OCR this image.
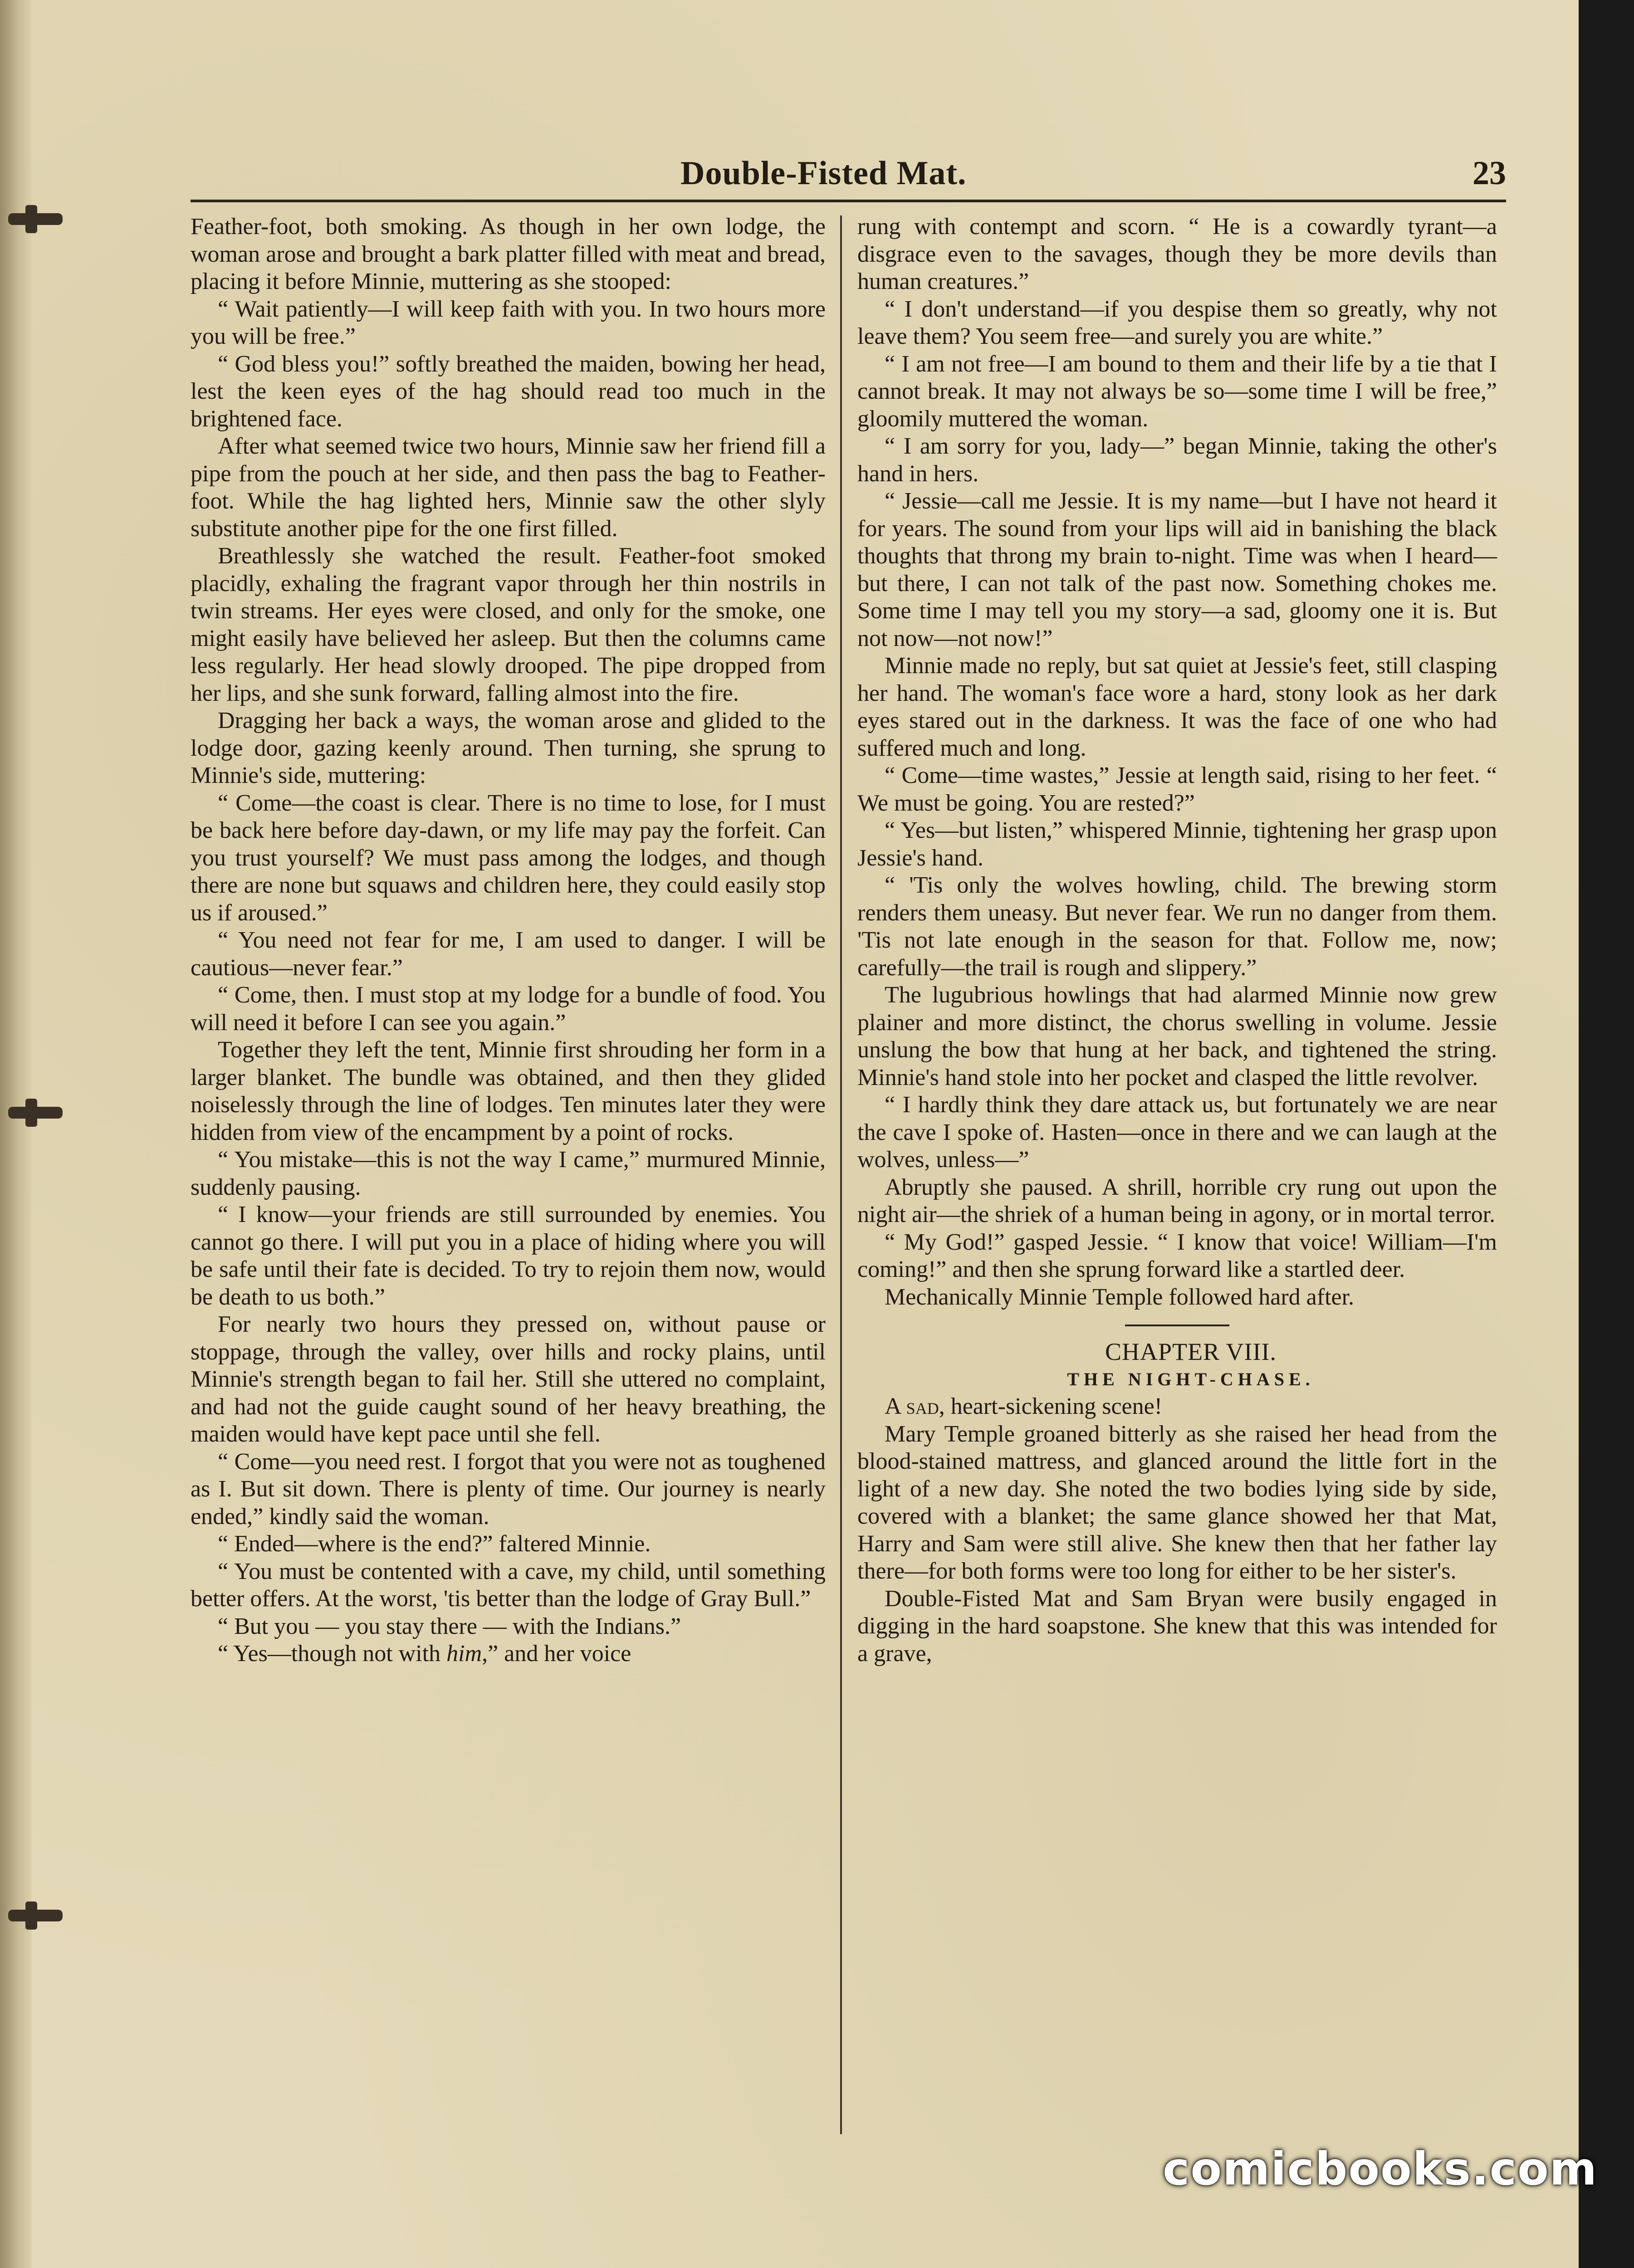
Double-Fisted Mat.	23

Feather-foot, both smoking. As though in her own lodge, the woman arose and brought a bark platter filled with meat and bread, placing it before Minnie, muttering as she stooped:

“ Wait patiently—I will keep faith with you. In two hours more you will be free.”

“ God bless you!” softly breathed the maiden, bowing her head, lest the keen eyes of the hag should read too much in the brightened face.

After what seemed twice two hours, Minnie saw her friend fill a pipe from the pouch at her side, and then pass the bag to Feather-foot. While the hag lighted hers, Minnie saw the other slyly substitute another pipe for the one first filled.

Breathlessly she watched the result. Feather-foot smoked placidly, exhaling the fragrant vapor through her thin nostrils in twin streams. Her eyes were closed, and only for the smoke, one might easily have believed her asleep. But then the columns came less regularly. Her head slowly drooped. The pipe dropped from her lips, and she sunk forward, falling almost into the fire.

Dragging her back a ways, the woman arose and glided to the lodge door, gazing keenly around. Then turning, she sprung to Minnie's side, muttering:

“ Come—the coast is clear. There is no time to lose, for I must be back here before day-dawn, or my life may pay the forfeit. Can you trust yourself? We must pass among the lodges, and though there are none but squaws and children here, they could easily stop us if aroused.”

“ You need not fear for me, I am used to danger. I will be cautious—never fear.”

“ Come, then. I must stop at my lodge for a bundle of food. You will need it before I can see you again.”

Together they left the tent, Minnie first shrouding her form in a larger blanket. The bundle was obtained, and then they glided noiselessly through the line of lodges. Ten minutes later they were hidden from view of the encampment by a point of rocks.

“ You mistake—this is not the way I came,” murmured Minnie, suddenly pausing.

“ I know—your friends are still surrounded by enemies. You cannot go there. I will put you in a place of hiding where you will be safe until their fate is decided. To try to rejoin them now, would be death to us both.”

For nearly two hours they pressed on, without pause or stoppage, through the valley, over hills and rocky plains, until Minnie's strength began to fail her. Still she uttered no complaint, and had not the guide caught sound of her heavy breathing, the maiden would have kept pace until she fell.

“ Come—you need rest. I forgot that you were not as toughened as I. But sit down. There is plenty of time. Our journey is nearly ended,” kindly said the woman.

“ Ended—where is the end?” faltered Minnie.

“ You must be contented with a cave, my child, until something better offers. At the worst, 'tis better than the lodge of Gray Bull.”

“ But you — you stay there — with the Indians.”

“ Yes—though not with him,” and her voice

rung with contempt and scorn. “ He is a cowardly tyrant—a disgrace even to the savages, though they be more devils than human creatures.”

“ I don't understand—if you despise them so greatly, why not leave them? You seem free—and surely you are white.”

“ I am not free—I am bound to them and their life by a tie that I cannot break. It may not always be so—some time I will be free,” gloomily muttered the woman.

“ I am sorry for you, lady—” began Minnie, taking the other's hand in hers.

“ Jessie—call me Jessie. It is my name—but I have not heard it for years. The sound from your lips will aid in banishing the black thoughts that throng my brain to-night. Time was when I heard—but there, I can not talk of the past now. Something chokes me. Some time I may tell you my story—a sad, gloomy one it is. But not now—not now!”

Minnie made no reply, but sat quiet at Jessie's feet, still clasping her hand. The woman's face wore a hard, stony look as her dark eyes stared out in the darkness. It was the face of one who had suffered much and long.

“ Come—time wastes,” Jessie at length said, rising to her feet. “ We must be going. You are rested?”

“ Yes—but listen,” whispered Minnie, tightening her grasp upon Jessie's hand.

“ 'Tis only the wolves howling, child. The brewing storm renders them uneasy. But never fear. We run no danger from them. 'Tis not late enough in the season for that. Follow me, now; carefully—the trail is rough and slippery.”

The lugubrious howlings that had alarmed Minnie now grew plainer and more distinct, the chorus swelling in volume. Jessie unslung the bow that hung at her back, and tightened the string. Minnie's hand stole into her pocket and clasped the little revolver.

“ I hardly think they dare attack us, but fortunately we are near the cave I spoke of. Hasten—once in there and we can laugh at the wolves, unless—”

Abruptly she paused. A shrill, horrible cry rung out upon the night air—the shriek of a human being in agony, or in mortal terror.

“ My God!” gasped Jessie. “ I know that voice! William—I'm coming!” and then she sprung forward like a startled deer.

Mechanically Minnie Temple followed hard after.

CHAPTER VIII.

THE NIGHT-CHASE.

A sad, heart-sickening scene!

Mary Temple groaned bitterly as she raised her head from the blood-stained mattress, and glanced around the little fort in the light of a new day. She noted the two bodies lying side by side, covered with a blanket; the same glance showed her that Mat, Harry and Sam were still alive. She knew then that her father lay there—for both forms were too long for either to be her sister's.

Double-Fisted Mat and Sam Bryan were busily engaged in digging in the hard soapstone. She knew that this was intended for a grave,

comicbooks.com
